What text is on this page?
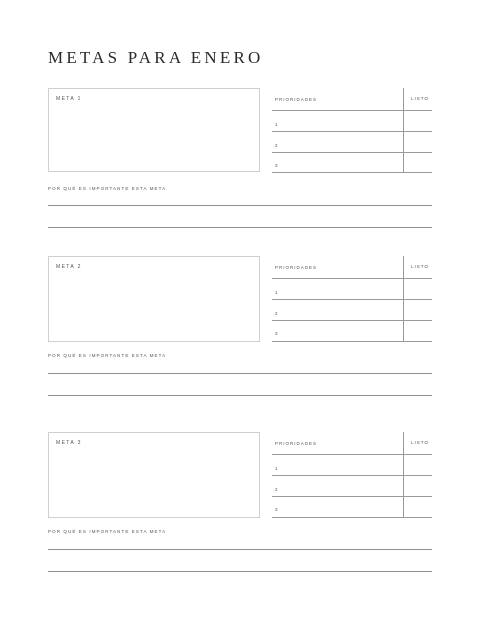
METAS PARA ENERO
META 1	PRIORIDADES	LISTO
1
2
3
POR QUÉ ES IMPORTANTE ESTA META
META 2	PRIORIDADES	LISTO
1
2
3
POR QUÉ ES IMPORTANTE ESTA META
META 3	PRIORIDADES	LISTO
1
2
3
POR QUÉ ES IMPORTANTE ESTA META
